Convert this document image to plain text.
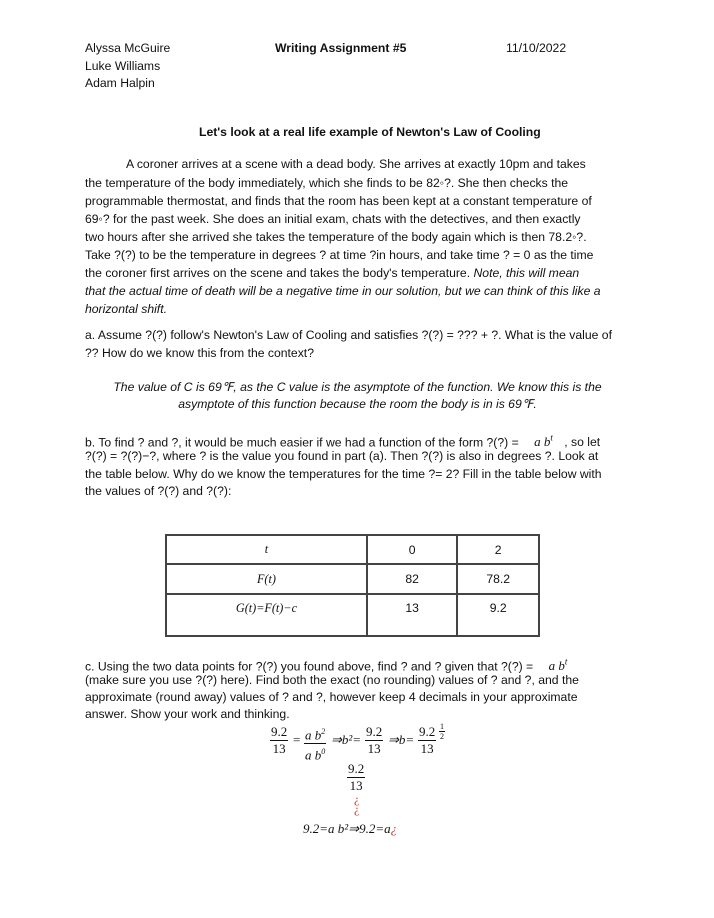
Alyssa McGuire
Luke Williams
Adam Halpin
Writing Assignment #5	11/10/2022
Let's look at a real life example of Newton's Law of Cooling
A coroner arrives at a scene with a dead body. She arrives at exactly 10pm and takes
the temperature of the body immediately, which she finds to be 82◦?. She then checks the
programmable thermostat, and finds that the room has been kept at a constant temperature of
69◦? for the past week. She does an initial exam, chats with the detectives, and then exactly
two hours after she arrived she takes the temperature of the body again which is then 78.2◦?.
Take ?(?) to be the temperature in degrees ? at time ?in hours, and take time ? = 0 as the time
the coroner first arrives on the scene and takes the body's temperature. Note, this will mean
that the actual time of death will be a negative time in our solution, but we can think of this like a
horizontal shift.
a. Assume ?(?) follow's Newton's Law of Cooling and satisfies ?(?) = ??? + ?. What is the value of
?? How do we know this from the context?
The value of C is 69℉, as the C value is the asymptote of the function. We know this is the
asymptote of this function because the room the body is in is 69℉.
b. To find ? and ?, it would be much easier if we had a function of the form ?(?) = a $b^t$ , so let
?(?) = ?(?)−?, where ? is the value you found in part (a). Then ?(?) is also in degrees ?. Look at
the table below. Why do we know the temperatures for the time ?= 2? Fill in the table below with
the values of ?(?) and ?(?):
t	0	2
F(t)	82	78.2
G(t)=F(t)−c	13	9.2
c. Using the two data points for ?(?) you found above, find ? and ? given that ?(?) = a $b^t$
(make sure you use ?(?) here). Find both the exact (no rounding) values of ? and ?, and the
approximate (round away) values of ? and ?, however keep 4 decimals in your approximate
answer. Show your work and thinking.
$\frac{9.2}{13} = \frac{a b^2}{a b^0}$ ⇒b²= $\frac{9.2}{13}$ ⇒b= $\frac{9.2}{13} \frac{1}{2}$
$\frac{9.2}{13}$
¿
¿
9.2=a b²⇒9.2=a¿
